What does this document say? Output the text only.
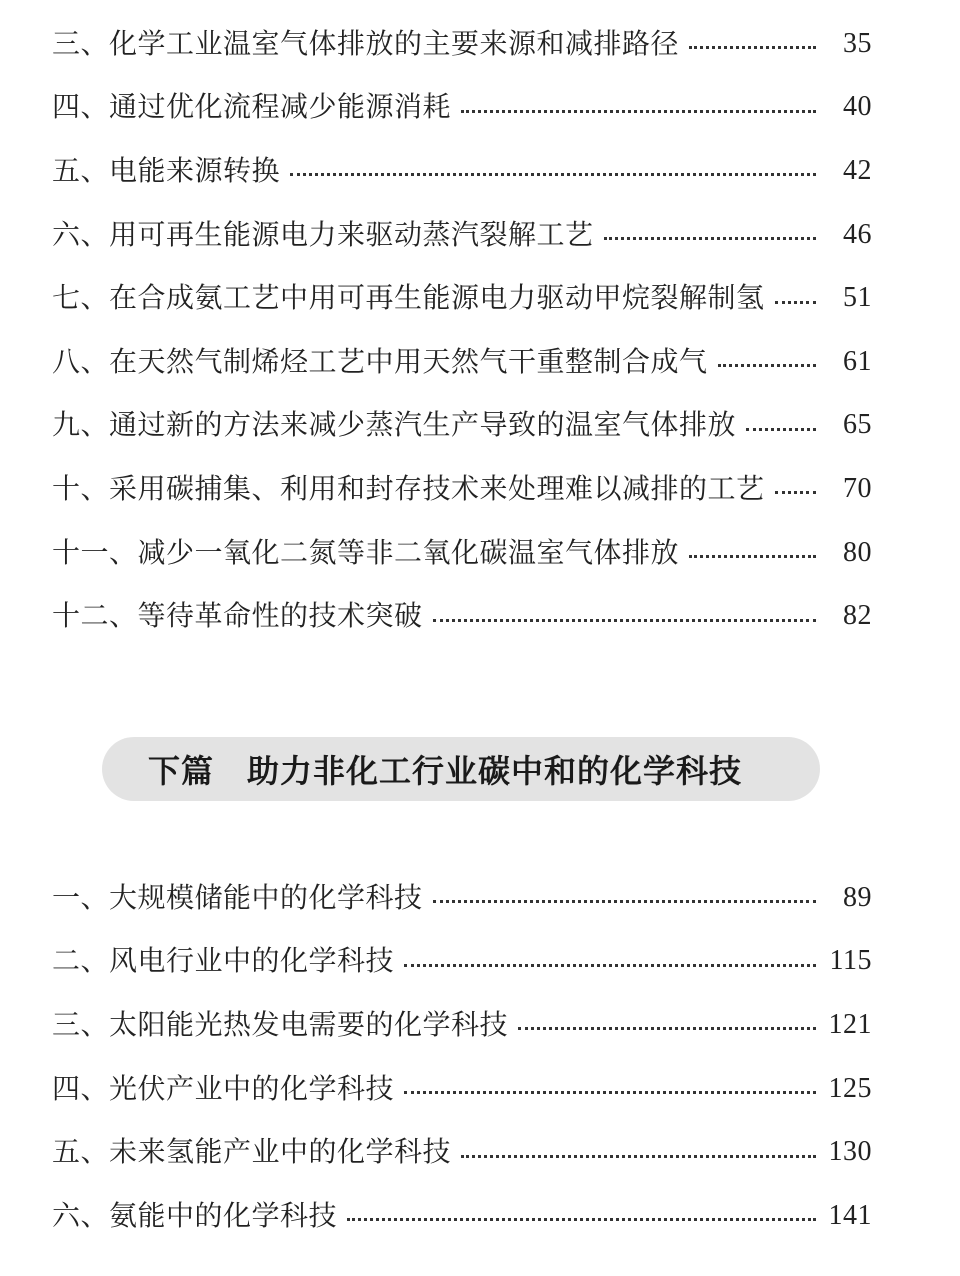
三、化学工业温室气体排放的主要来源和减排路径	35
四、通过优化流程减少能源消耗	40
五、电能来源转换	42
六、用可再生能源电力来驱动蒸汽裂解工艺	46
七、在合成氨工艺中用可再生能源电力驱动甲烷裂解制氢	51
八、在天然气制烯烃工艺中用天然气干重整制合成气	61
九、通过新的方法来减少蒸汽生产导致的温室气体排放	65
十、采用碳捕集、利用和封存技术来处理难以减排的工艺	70
十一、减少一氧化二氮等非二氧化碳温室气体排放	80
十二、等待革命性的技术突破	82
下篇　助力非化工行业碳中和的化学科技
一、大规模储能中的化学科技	89
二、风电行业中的化学科技	115
三、太阳能光热发电需要的化学科技	121
四、光伏产业中的化学科技	125
五、未来氢能产业中的化学科技	130
六、氨能中的化学科技	141
